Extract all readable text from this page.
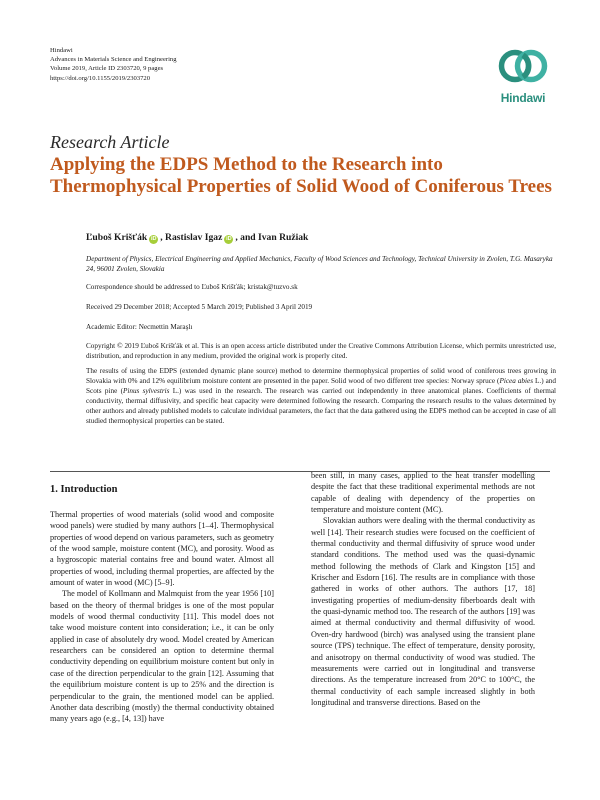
Hindawi
Advances in Materials Science and Engineering
Volume 2019, Article ID 2303720, 9 pages
https://doi.org/10.1155/2019/2303720
Hindawi
Research Article
Applying the EDPS Method to the Research into Thermophysical Properties of Solid Wood of Coniferous Trees
Ľuboš Krišťák iD , Rastislav Igaz iD , and Ivan Ružiak
Department of Physics, Electrical Engineering and Applied Mechanics, Faculty of Wood Sciences and Technology, Technical University in Zvolen, T.G. Masaryka 24, 96001 Zvolen, Slovakia
Correspondence should be addressed to Ľuboš Krišťák; kristak@tuzvo.sk
Received 29 December 2018; Accepted 5 March 2019; Published 3 April 2019
Academic Editor: Necmettin Maraşlı
Copyright © 2019 Ľuboš Krišťák et al. This is an open access article distributed under the Creative Commons Attribution License, which permits unrestricted use, distribution, and reproduction in any medium, provided the original work is properly cited.
The results of using the EDPS (extended dynamic plane source) method to determine thermophysical properties of solid wood of coniferous trees growing in Slovakia with 0% and 12% equilibrium moisture content are presented in the paper. Solid wood of two different tree species: Norway spruce (Picea abies L.) and Scots pine (Pinus sylvestris L.) was used in the research. The research was carried out independently in three anatomical planes. Coefficients of thermal conductivity, thermal diffusivity, and specific heat capacity were determined following the research. Comparing the research results to the values determined by other authors and already published models to calculate individual parameters, the fact that the data gathered using the EDPS method can be accepted in case of all studied thermophysical properties can be stated.
1. Introduction

Thermal properties of wood materials (solid wood and composite wood panels) were studied by many authors [1–4]. Thermophysical properties of wood depend on various parameters, such as geometry of the wood sample, moisture content (MC), and porosity. Wood as a hygroscopic material contains free and bound water. Almost all properties of wood, including thermal properties, are affected by the amount of water in wood (MC) [5–9].

The model of Kollmann and Malmquist from the year 1956 [10] based on the theory of thermal bridges is one of the most popular models of wood thermal conductivity [11]. This model does not take wood moisture content into consideration; i.e., it can be only applied in case of absolutely dry wood. Model created by American researchers can be considered an option to determine thermal conductivity depending on equilibrium moisture content but only in case of the direction perpendicular to the grain [12]. Assuming that the equilibrium moisture content is up to 25% and the direction is perpendicular to the grain, the mentioned model can be applied. Another data describing (mostly) the thermal conductivity obtained many years ago (e.g., [4, 13]) have

been still, in many cases, applied to the heat transfer modelling despite the fact that these traditional experimental methods are not capable of dealing with dependency of the properties on temperature and moisture content (MC).

Slovakian authors were dealing with the thermal conductivity as well [14]. Their research studies were focused on the coefficient of thermal conductivity and thermal diffusivity of spruce wood under standard conditions. The method used was the quasi-dynamic method following the methods of Clark and Kingston [15] and Krischer and Esdorn [16]. The results are in compliance with those gathered in works of other authors. The authors [17, 18] investigating properties of medium-density fiberboards dealt with the quasi-dynamic method too. The research of the authors [19] was aimed at thermal conductivity and thermal diffusivity of wood. Oven-dry hardwood (birch) was analysed using the transient plane source (TPS) technique. The effect of temperature, density porosity, and anisotropy on thermal conductivity of wood was studied. The measurements were carried out in longitudinal and transverse directions. As the temperature increased from 20°C to 100°C, the thermal conductivity of each sample increased slightly in both longitudinal and transverse directions. Based on the
